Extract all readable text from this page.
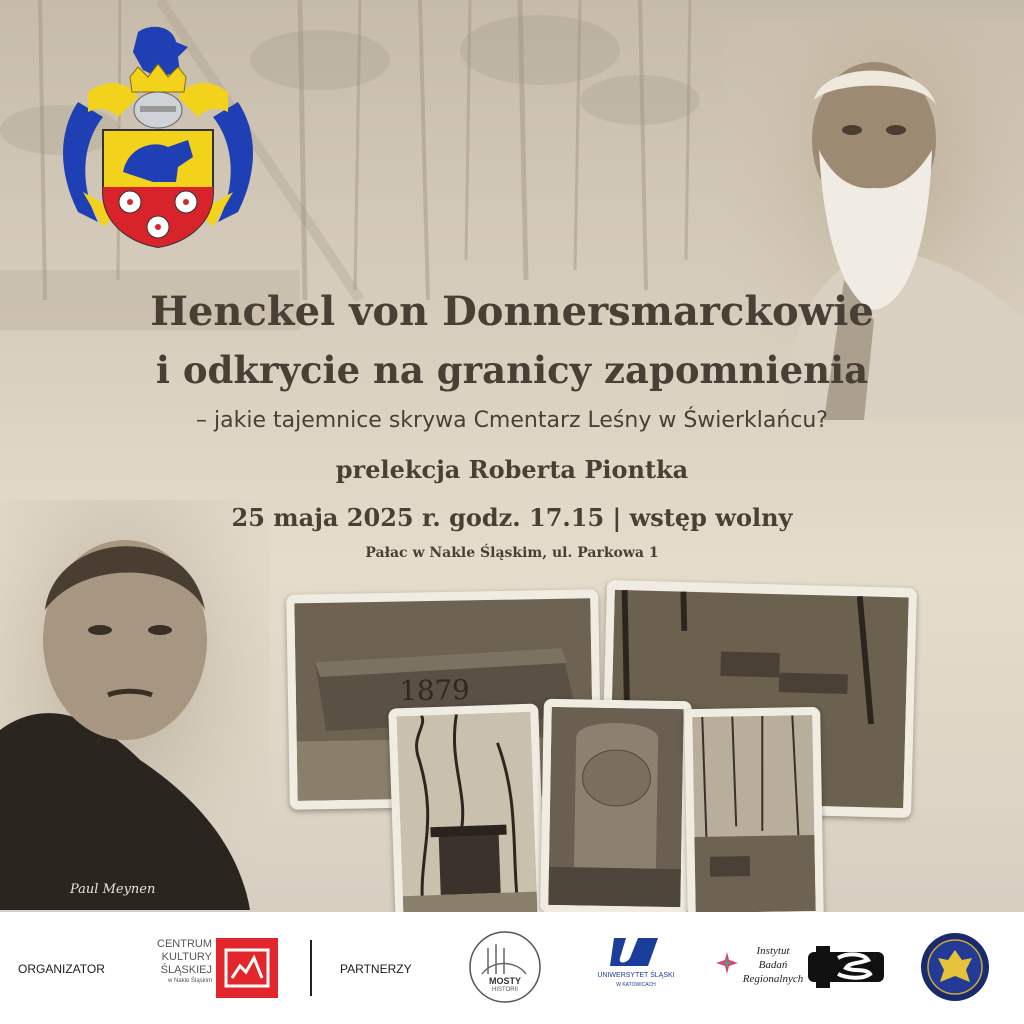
Paul Meynen
Henckel von Donnersmarckowie
i odkrycie na granicy zapomnienia
– jakie tajemnice skrywa Cmentarz Leśny w Świerklańcu?
prelekcja Roberta Piontka
25 maja 2025 r. godz. 17.15 | wstęp wolny
Pałac w Nakle Śląskim, ul. Parkowa 1
1879
ORGANIZATOR
CENTRUM
KULTURY
ŚLĄSKIEJ
w Nakle Śląskim
PARTNERZY
MOSTY
HISTORII
UNIWERSYTET ŚLĄSKI
W KATOWICACH
Instytut
Badań
Regionalnych
